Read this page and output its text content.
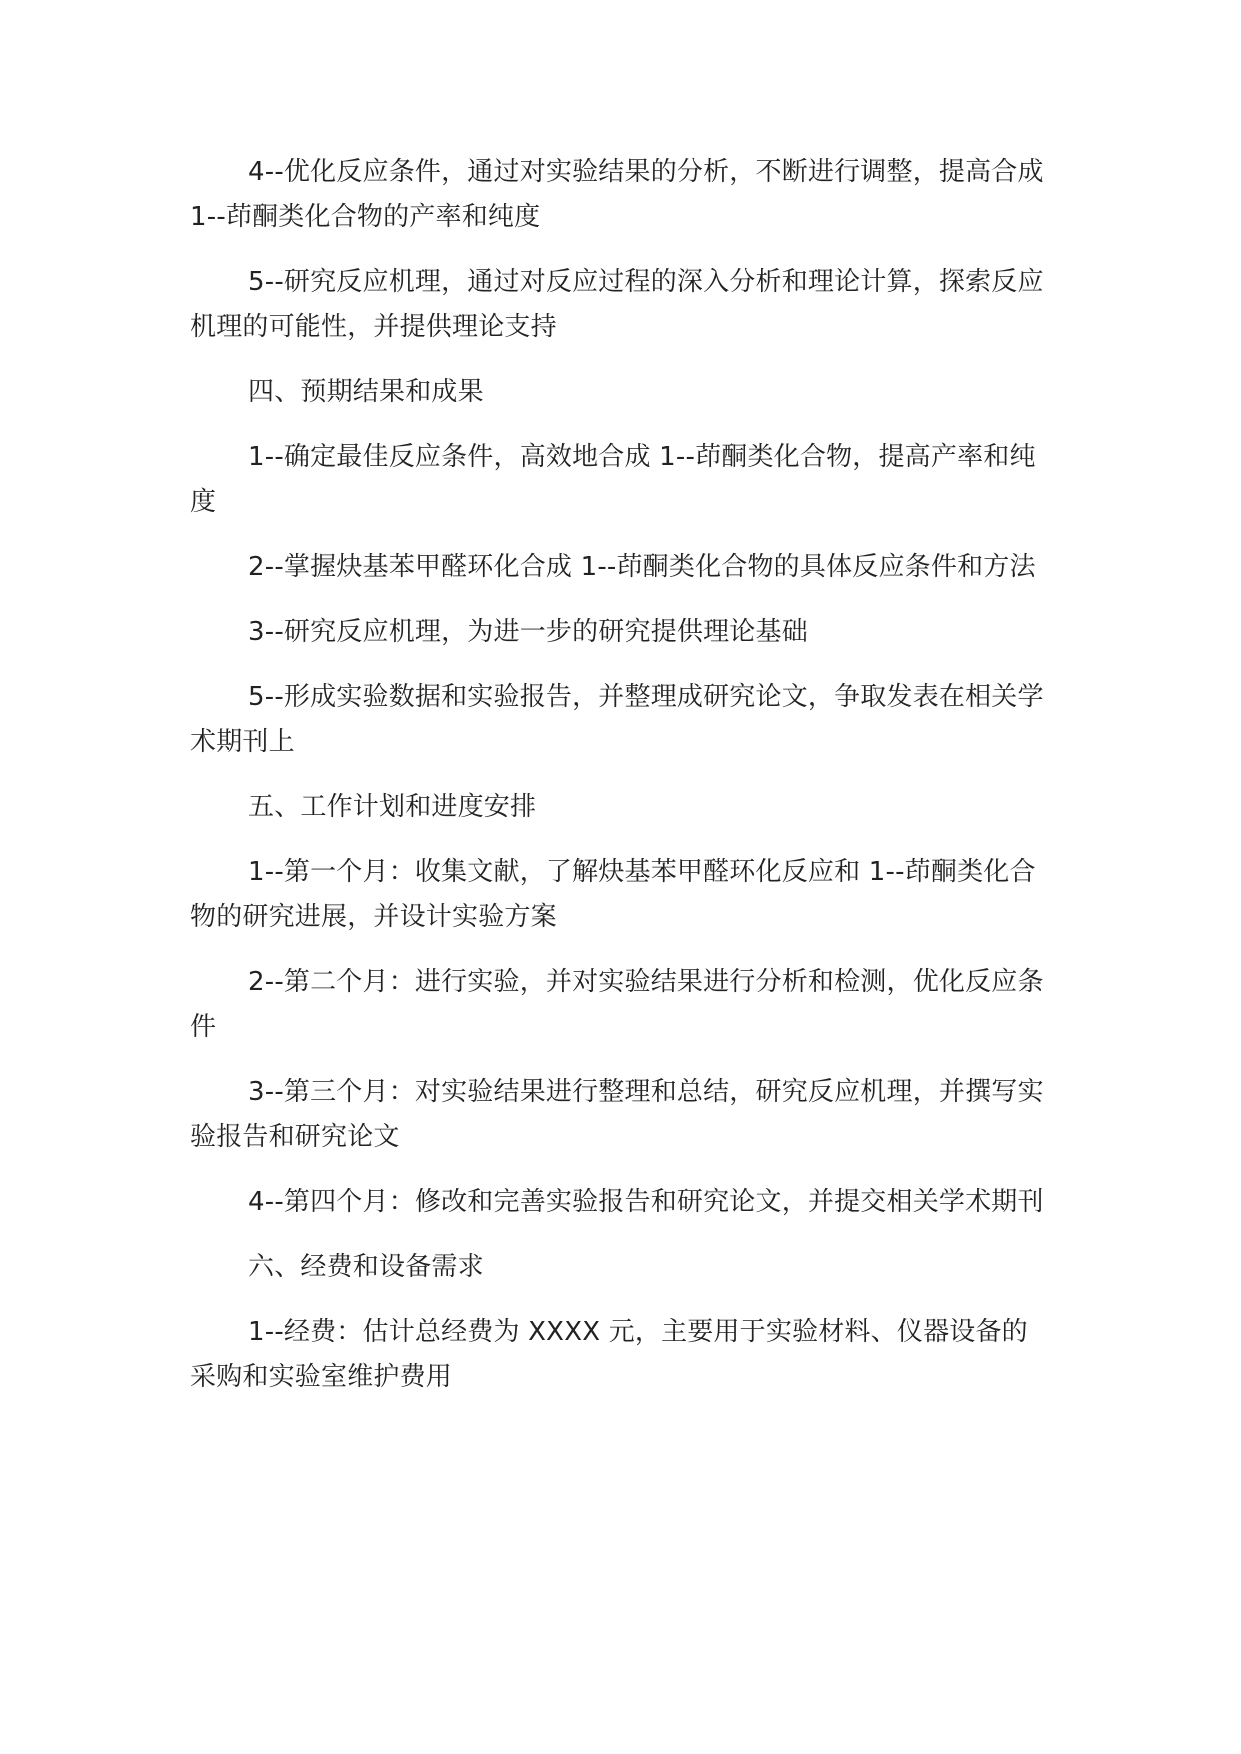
4--优化反应条件，通过对实验结果的分析，不断进行调整，提高合成 1--茚酮类化合物的产率和纯度

5--研究反应机理，通过对反应过程的深入分析和理论计算，探索反应机理的可能性，并提供理论支持

四、预期结果和成果

1--确定最佳反应条件，高效地合成 1--茚酮类化合物，提高产率和纯度

2--掌握炔基苯甲醛环化合成 1--茚酮类化合物的具体反应条件和方法

3--研究反应机理，为进一步的研究提供理论基础

5--形成实验数据和实验报告，并整理成研究论文，争取发表在相关学术期刊上

五、工作计划和进度安排

1--第一个月：收集文献，了解炔基苯甲醛环化反应和 1--茚酮类化合物的研究进展，并设计实验方案

2--第二个月：进行实验，并对实验结果进行分析和检测，优化反应条件

3--第三个月：对实验结果进行整理和总结，研究反应机理，并撰写实验报告和研究论文

4--第四个月：修改和完善实验报告和研究论文，并提交相关学术期刊

六、经费和设备需求

1--经费：估计总经费为 XXXX 元，主要用于实验材料、仪器设备的采购和实验室维护费用
